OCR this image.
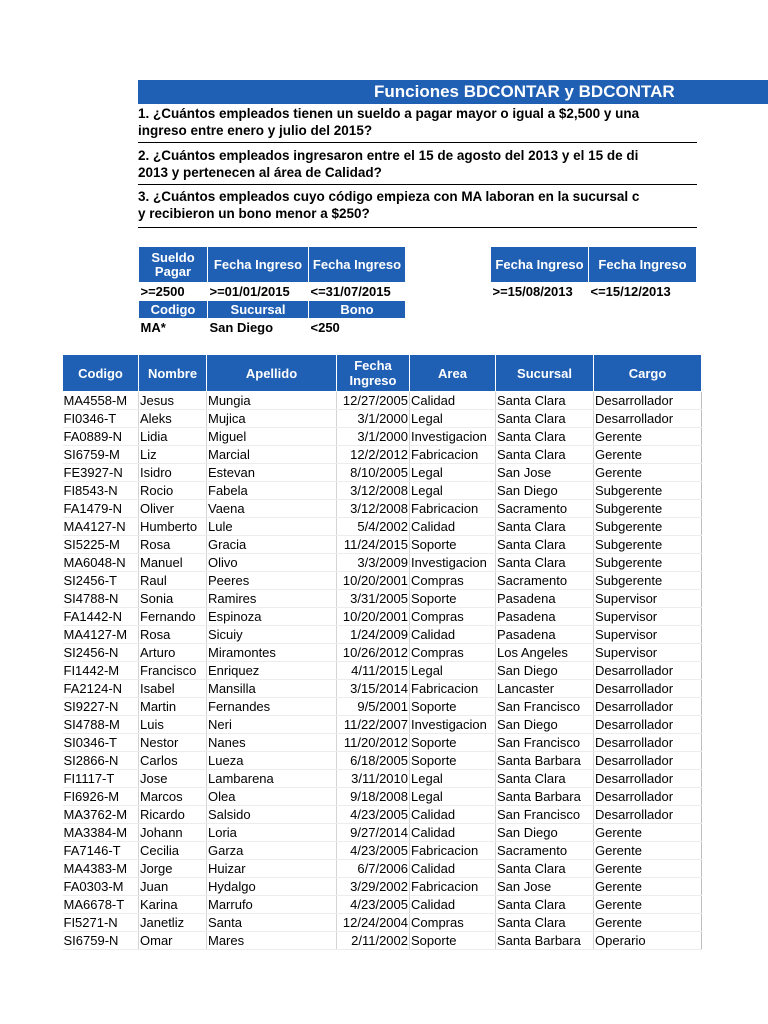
Funciones BDCONTAR y BDCONTAR
1. ¿Cuántos empleados tienen un sueldo a pagar mayor o igual a $2,500 y una
ingreso entre enero y julio del 2015?
2. ¿Cuántos empleados ingresaron entre el 15 de agosto del 2013 y el 15 de di
2013 y pertenecen al área de Calidad?
3. ¿Cuántos empleados cuyo código empieza con MA laboran en la sucursal c
y recibieron un bono menor a $250?
Sueldo Pagar	Fecha Ingreso	Fecha Ingreso
>=2500	>=01/01/2015	<=31/07/2015
Codigo	Sucursal	Bono
MA*	San Diego	<250
Fecha Ingreso	Fecha Ingreso
>=15/08/2013	<=15/12/2013
Codigo	Nombre	Apellido	Fecha Ingreso	Area	Sucursal	Cargo
MA4558-M	Jesus	Mungia	12/27/2005	Calidad	Santa Clara	Desarrollador
FI0346-T	Aleks	Mujica	3/1/2000	Legal	Santa Clara	Desarrollador
FA0889-N	Lidia	Miguel	3/1/2000	Investigacion	Santa Clara	Gerente
SI6759-M	Liz	Marcial	12/2/2012	Fabricacion	Santa Clara	Gerente
FE3927-N	Isidro	Estevan	8/10/2005	Legal	San Jose	Gerente
FI8543-N	Rocio	Fabela	3/12/2008	Legal	San Diego	Subgerente
FA1479-N	Oliver	Vaena	3/12/2008	Fabricacion	Sacramento	Subgerente
MA4127-N	Humberto	Lule	5/4/2002	Calidad	Santa Clara	Subgerente
SI5225-M	Rosa	Gracia	11/24/2015	Soporte	Santa Clara	Subgerente
MA6048-N	Manuel	Olivo	3/3/2009	Investigacion	Santa Clara	Subgerente
SI2456-T	Raul	Peeres	10/20/2001	Compras	Sacramento	Subgerente
SI4788-N	Sonia	Ramires	3/31/2005	Soporte	Pasadena	Supervisor
FA1442-N	Fernando	Espinoza	10/20/2001	Compras	Pasadena	Supervisor
MA4127-M	Rosa	Sicuiy	1/24/2009	Calidad	Pasadena	Supervisor
SI2456-N	Arturo	Miramontes	10/26/2012	Compras	Los Angeles	Supervisor
FI1442-M	Francisco	Enriquez	4/11/2015	Legal	San Diego	Desarrollador
FA2124-N	Isabel	Mansilla	3/15/2014	Fabricacion	Lancaster	Desarrollador
SI9227-N	Martin	Fernandes	9/5/2001	Soporte	San Francisco	Desarrollador
SI4788-M	Luis	Neri	11/22/2007	Investigacion	San Diego	Desarrollador
SI0346-T	Nestor	Nanes	11/20/2012	Soporte	San Francisco	Desarrollador
SI2866-N	Carlos	Lueza	6/18/2005	Soporte	Santa Barbara	Desarrollador
FI1117-T	Jose	Lambarena	3/11/2010	Legal	Santa Clara	Desarrollador
FI6926-M	Marcos	Olea	9/18/2008	Legal	Santa Barbara	Desarrollador
MA3762-M	Ricardo	Salsido	4/23/2005	Calidad	San Francisco	Desarrollador
MA3384-M	Johann	Loria	9/27/2014	Calidad	San Diego	Gerente
FA7146-T	Cecilia	Garza	4/23/2005	Fabricacion	Sacramento	Gerente
MA4383-M	Jorge	Huizar	6/7/2006	Calidad	Santa Clara	Gerente
FA0303-M	Juan	Hydalgo	3/29/2002	Fabricacion	San Jose	Gerente
MA6678-T	Karina	Marrufo	4/23/2005	Calidad	Santa Clara	Gerente
FI5271-N	Janetliz	Santa	12/24/2004	Compras	Santa Clara	Gerente
SI6759-N	Omar	Mares	2/11/2002	Soporte	Santa Barbara	Operario
